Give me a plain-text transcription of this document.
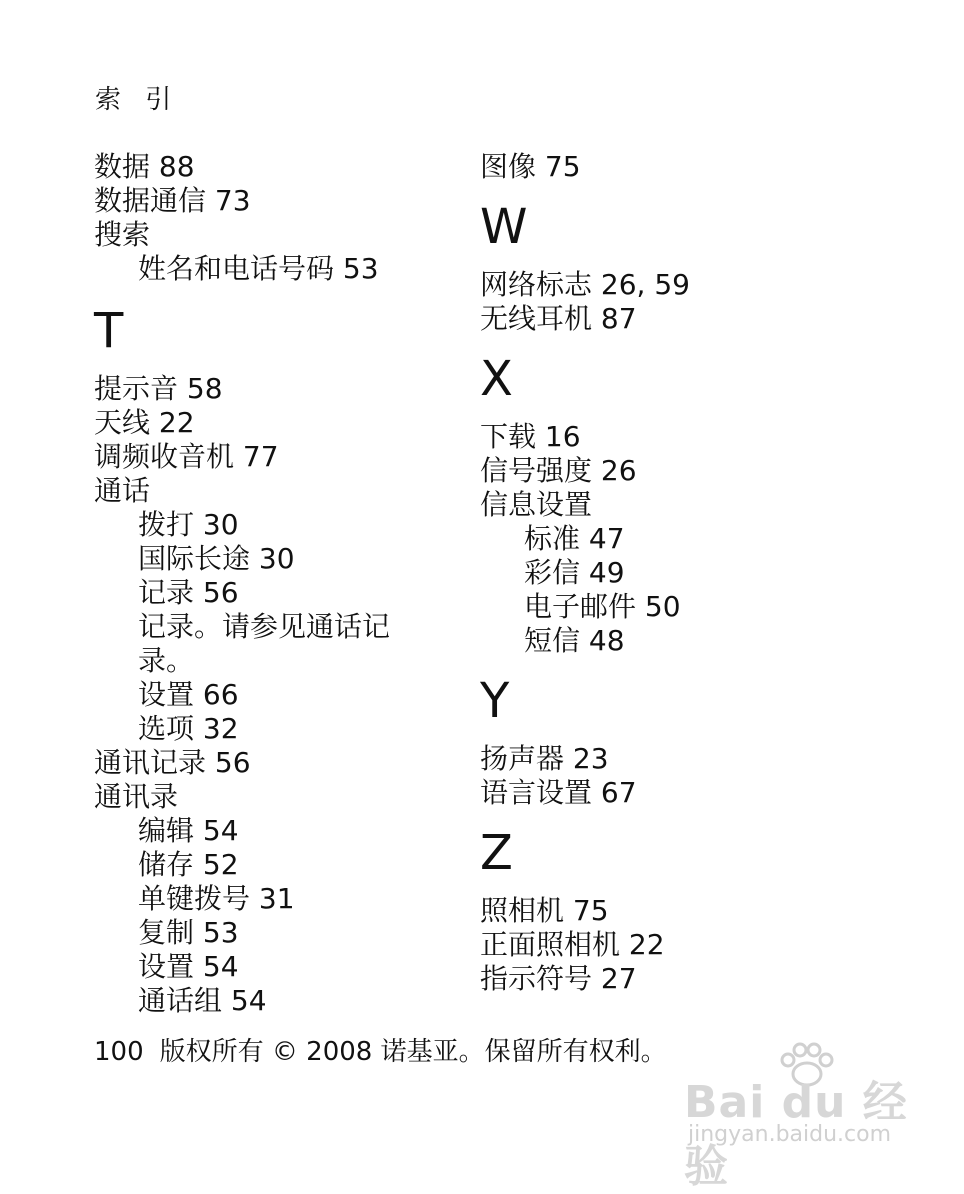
索 引
数据 88
数据通信 73
搜索
姓名和电话号码 53
T
提示音 58
天线 22
调频收音机 77
通话
拨打 30
国际长途 30
记录 56
记录。请参见通话记录。
设置 66
选项 32
通讯记录 56
通讯录
编辑 54
储存 52
单键拨号 31
复制 53
设置 54
通话组 54
图像 75
W
网络标志 26, 59
无线耳机 87
X
下载 16
信号强度 26
信息设置
标准 47
彩信 49
电子邮件 50
短信 48
Y
扬声器 23
语言设置 67
Z
照相机 75
正面照相机 22
指示符号 27
100 版权所有 © 2008 诺基亚。保留所有权利。
Bai du 经验
jingyan.baidu.com
